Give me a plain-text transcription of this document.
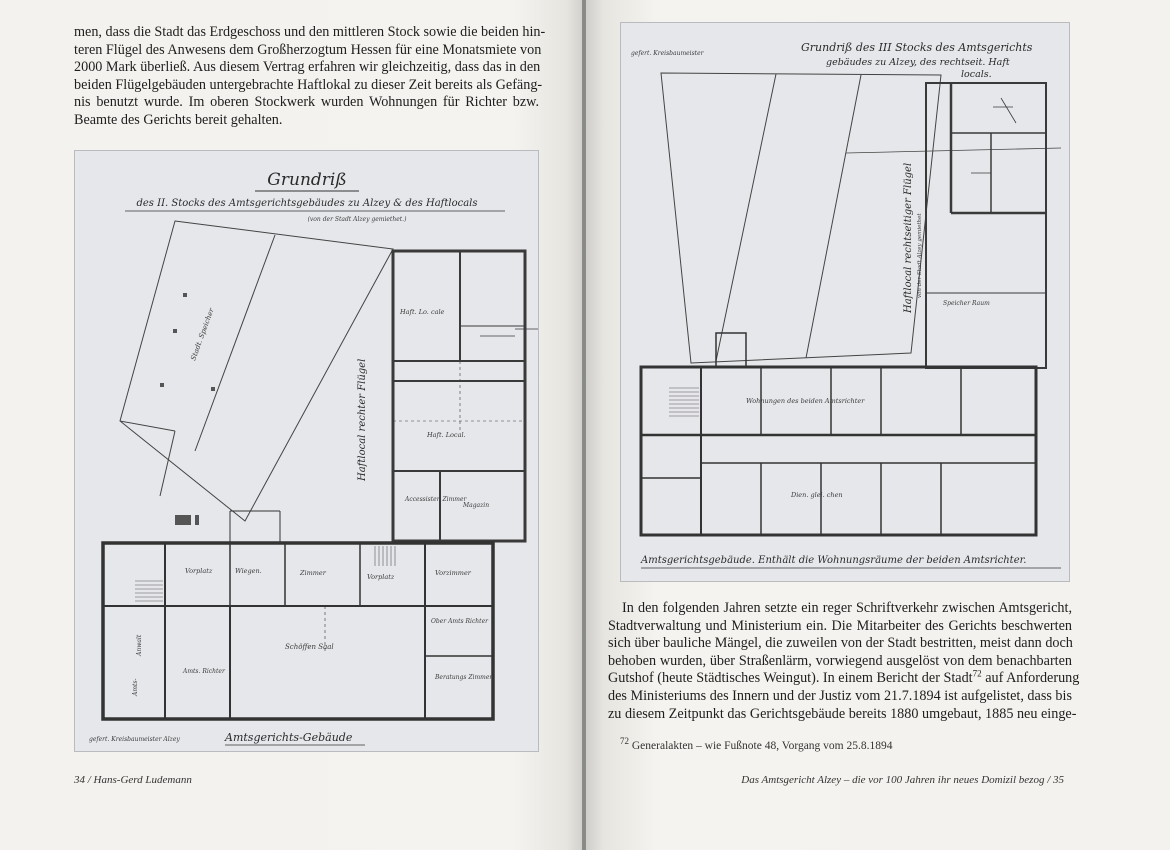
men, dass die Stadt das Erdgeschoss und den mittleren Stock sowie die beiden hin-
teren Flügel des Anwesens dem Großherzogtum Hessen für eine Monatsmiete von
2000 Mark überließ. Aus diesem Vertrag erfahren wir gleichzeitig, dass das in den
beiden Flügelgebäuden untergebrachte Haftlokal zu dieser Zeit bereits als Gefäng-
nis benutzt wurde. Im oberen Stockwerk wurden Wohnungen für Richter bzw.
Beamte des Gerichts bereit gehalten.

Grundriß
des II. Stocks des Amtsgerichtsgebäudes zu Alzey & des Haftlocals
(von der Stadt Alzey gemiethet.)
Stadt. Speicher	Haft. Lo. cale
Haft. Local.
Accessisten Zimmer
Magazin
Haftlocal rechter Flügel
Vorplatz	Wiegen.	Zimmer	Vorplatz	Vorzimmer
Ober Amts Richter
Schöffen Saal
Anwalt
Amts-
Amts. Richter
Beratungs Zimmer
Amtsgerichts-Gebäude
gefert. Kreisbaumeister Alzey
34 / Hans-Gerd Ludemann
Grundriß des III Stocks des Amtsgerichts
gebäudes zu Alzey, des rechtseit. Haft
locals.
gefert. Kreisbaumeister
Haftlocal rechtseitiger Flügel von der Stadt Alzey gemiethet
Speicher Raum
Wohnungen des beiden Amtsrichter
Dien. glei. chen
Amtsgerichtsgebäude. Enthält die Wohnungsräume der beiden Amtsrichter.

In den folgenden Jahren setzte ein reger Schriftverkehr zwischen Amtsgericht,
Stadtverwaltung und Ministerium ein. Die Mitarbeiter des Gerichts beschwerten
sich über bauliche Mängel, die zuweilen von der Stadt bestritten, meist dann doch
behoben wurden, über Straßenlärm, vorwiegend ausgelöst von dem benachbarten
Gutshof (heute Städtisches Weingut). In einem Bericht der Stadt$^{72}$ auf Anforderung
des Ministeriums des Innern und der Justiz vom 21.7.1894 ist aufgelistet, dass bis
zu diesem Zeitpunkt das Gerichtsgebäude bereits 1880 umgebaut, 1885 neu einge-

$^{72}$ Generalakten – wie Fußnote 48, Vorgang vom 25.8.1894
Das Amtsgericht Alzey – die vor 100 Jahren ihr neues Domizil bezog / 35
